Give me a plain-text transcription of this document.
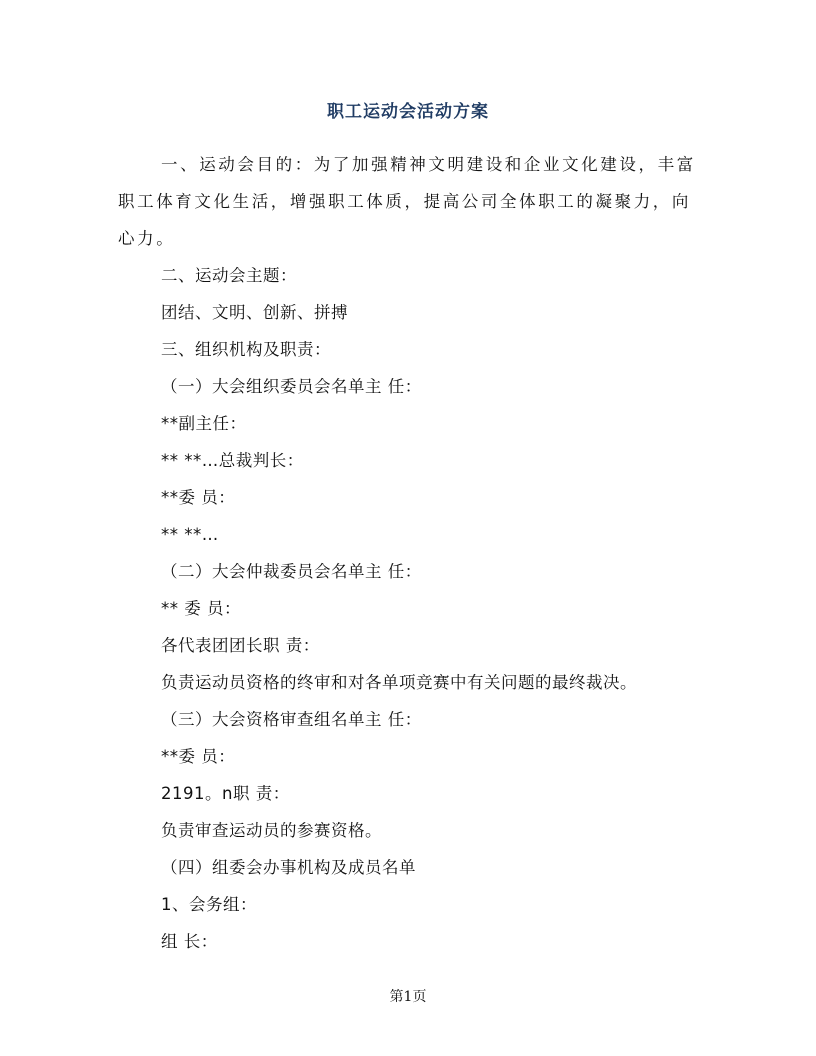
职工运动会活动方案
一、运动会目的：为了加强精神文明建设和企业文化建设，丰富职工体育文化生活，增强职工体质，提高公司全体职工的凝聚力，向心力。
二、运动会主题：
团结、文明、创新、拼搏
三、组织机构及职责：
（一）大会组织委员会名单主 任：
**副主任：
** **…总裁判长：
**委 员：
** **…
（二）大会仲裁委员会名单主 任：
** 委 员：
各代表团团长职 责：
负责运动员资格的终审和对各单项竞赛中有关问题的最终裁决。
（三）大会资格审查组名单主 任：
**委 员：
2191。n职 责：
负责审查运动员的参赛资格。
（四）组委会办事机构及成员名单
1、会务组：
组 长：
第1页
